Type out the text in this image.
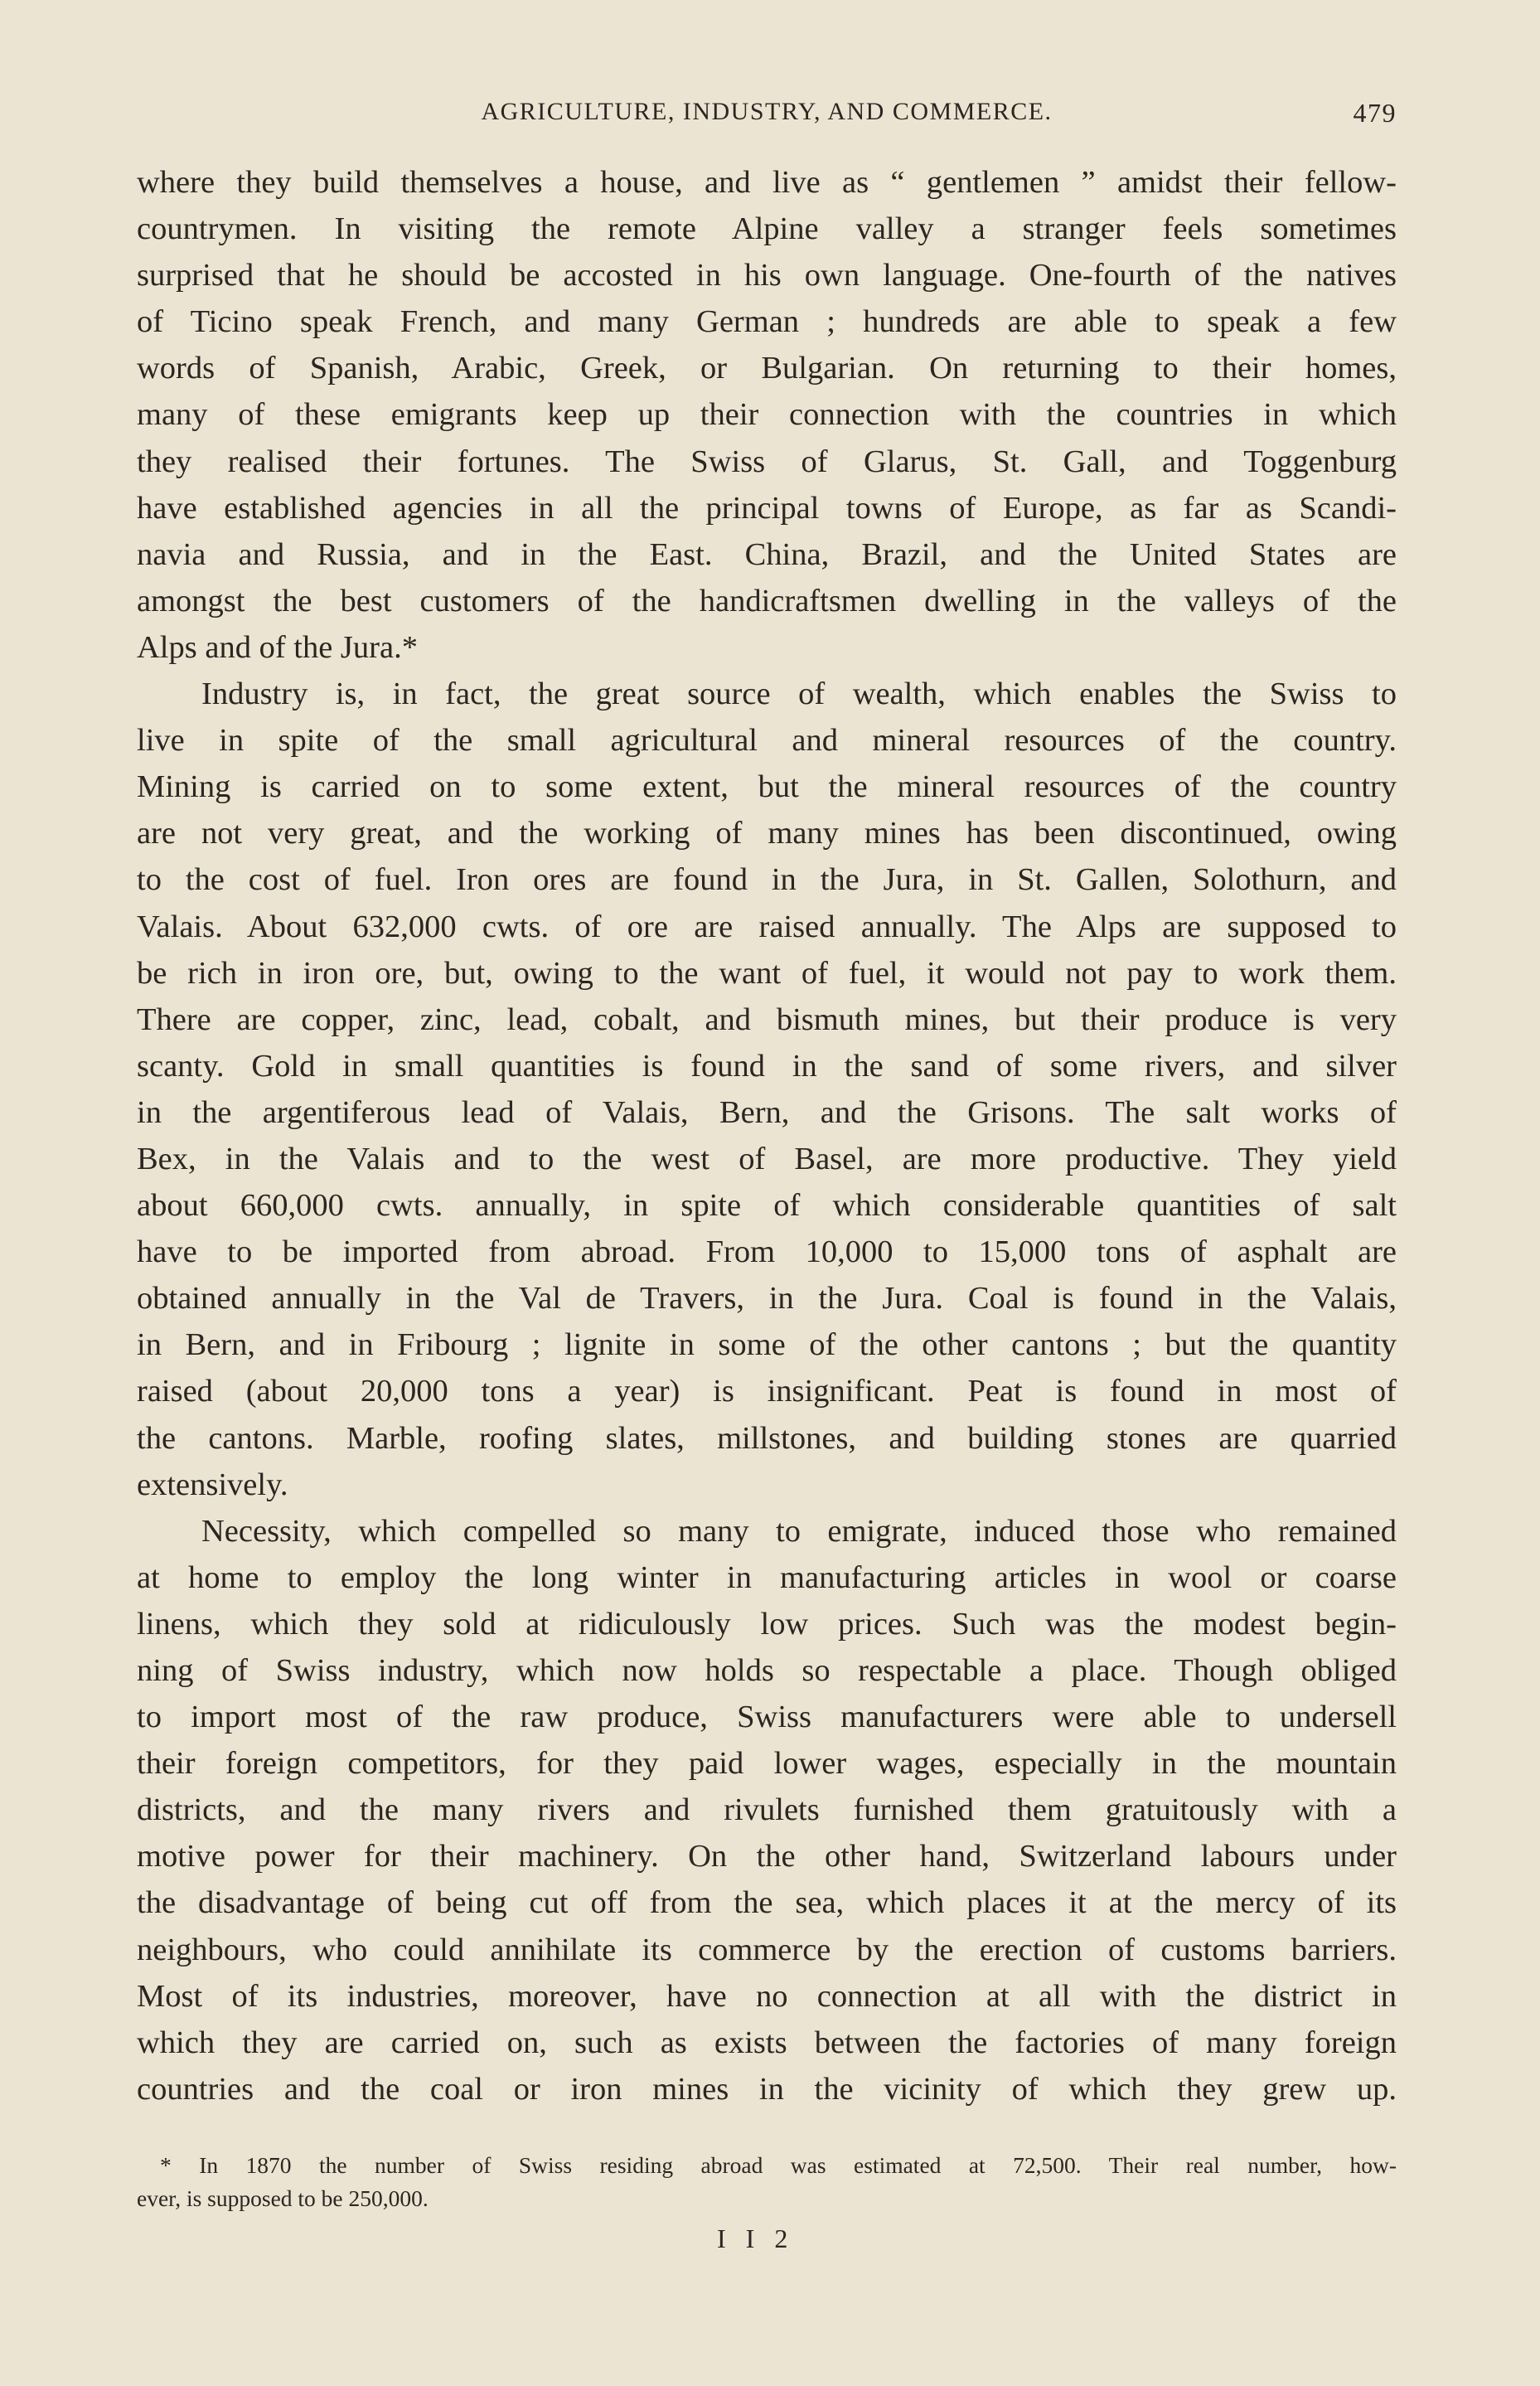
AGRICULTURE, INDUSTRY, AND COMMERCE.	479
where they build themselves a house, and live as “ gentlemen ” amidst their fellow-
countrymen. In visiting the remote Alpine valley a stranger feels sometimes
surprised that he should be accosted in his own language. One-fourth of the natives
of Ticino speak French, and many German ; hundreds are able to speak a few
words of Spanish, Arabic, Greek, or Bulgarian. On returning to their homes,
many of these emigrants keep up their connection with the countries in which
they realised their fortunes. The Swiss of Glarus, St. Gall, and Toggenburg
have established agencies in all the principal towns of Europe, as far as Scandi-
navia and Russia, and in the East. China, Brazil, and the United States are
amongst the best customers of the handicraftsmen dwelling in the valleys of the
Alps and of the Jura.*
Industry is, in fact, the great source of wealth, which enables the Swiss to
live in spite of the small agricultural and mineral resources of the country.
Mining is carried on to some extent, but the mineral resources of the country
are not very great, and the working of many mines has been discontinued, owing
to the cost of fuel. Iron ores are found in the Jura, in St. Gallen, Solothurn, and
Valais. About 632,000 cwts. of ore are raised annually. The Alps are supposed to
be rich in iron ore, but, owing to the want of fuel, it would not pay to work them.
There are copper, zinc, lead, cobalt, and bismuth mines, but their produce is very
scanty. Gold in small quantities is found in the sand of some rivers, and silver
in the argentiferous lead of Valais, Bern, and the Grisons. The salt works of
Bex, in the Valais and to the west of Basel, are more productive. They yield
about 660,000 cwts. annually, in spite of which considerable quantities of salt
have to be imported from abroad. From 10,000 to 15,000 tons of asphalt are
obtained annually in the Val de Travers, in the Jura. Coal is found in the Valais,
in Bern, and in Fribourg ; lignite in some of the other cantons ; but the quantity
raised (about 20,000 tons a year) is insignificant. Peat is found in most of
the cantons. Marble, roofing slates, millstones, and building stones are quarried
extensively.
Necessity, which compelled so many to emigrate, induced those who remained
at home to employ the long winter in manufacturing articles in wool or coarse
linens, which they sold at ridiculously low prices. Such was the modest begin-
ning of Swiss industry, which now holds so respectable a place. Though obliged
to import most of the raw produce, Swiss manufacturers were able to undersell
their foreign competitors, for they paid lower wages, especially in the mountain
districts, and the many rivers and rivulets furnished them gratuitously with a
motive power for their machinery. On the other hand, Switzerland labours under
the disadvantage of being cut off from the sea, which places it at the mercy of its
neighbours, who could annihilate its commerce by the erection of customs barriers.
Most of its industries, moreover, have no connection at all with the district in
which they are carried on, such as exists between the factories of many foreign
countries and the coal or iron mines in the vicinity of which they grew up.
* In 1870 the number of Swiss residing abroad was estimated at 72,500. Their real number, how-
ever, is supposed to be 250,000.
I I 2
